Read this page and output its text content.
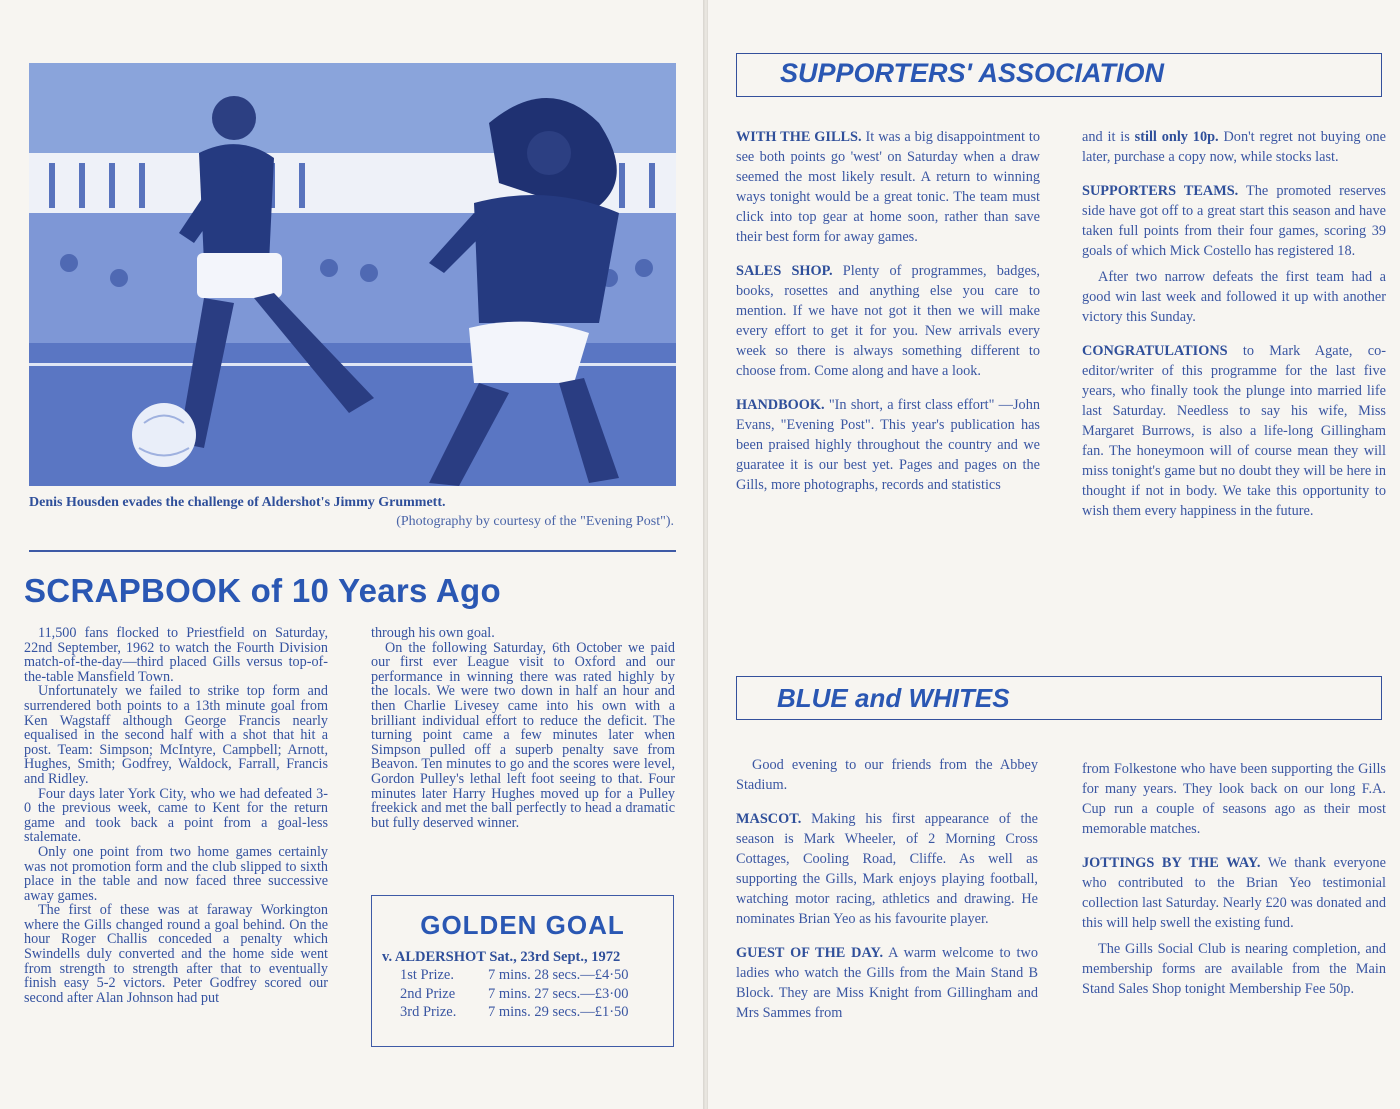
Denis Housden evades the challenge of Aldershot's Jimmy Grummett.
(Photography by courtesy of the "Evening Post").
SCRAPBOOK of 10 Years Ago

11,500 fans flocked to Priestfield on Saturday, 22nd September, 1962 to watch the Fourth Division match-of-the-day—third placed Gills versus top-of-the-table Mansfield Town.

Unfortunately we failed to strike top form and surrendered both points to a 13th minute goal from Ken Wagstaff although George Francis nearly equalised in the second half with a shot that hit a post. Team: Simpson; McIntyre, Campbell; Arnott, Hughes, Smith; Godfrey, Waldock, Farrall, Francis and Ridley.

Four days later York City, who we had defeated 3-0 the previous week, came to Kent for the return game and took back a point from a goal-less stalemate.

Only one point from two home games certainly was not promotion form and the club slipped to sixth place in the table and now faced three successive away games.

The first of these was at faraway Workington where the Gills changed round a goal behind. On the hour Roger Challis conceded a penalty which Swindells duly converted and the home side went from strength to strength after that to eventually finish easy 5-2 victors. Peter Godfrey scored our second after Alan Johnson had put

through his own goal.

On the following Saturday, 6th October we paid our first ever League visit to Oxford and our performance in winning there was rated highly by the locals. We were two down in half an hour and then Charlie Livesey came into his own with a brilliant individual effort to reduce the deficit. The turning point came a few minutes later when Simpson pulled off a superb penalty save from Beavon. Ten minutes to go and the scores were level, Gordon Pulley's lethal left foot seeing to that. Four minutes later Harry Hughes moved up for a Pulley freekick and met the ball perfectly to head a dramatic but fully deserved winner.

GOLDEN GOAL
v. ALDERSHOT Sat., 23rd Sept., 1972
1st Prize. 7 mins. 28 secs.—£4·50
2nd Prize 7 mins. 27 secs.—£3·00
3rd Prize. 7 mins. 29 secs.—£1·50
SUPPORTERS' ASSOCIATION

WITH THE GILLS. It was a big disappointment to see both points go 'west' on Saturday when a draw seemed the most likely result. A return to winning ways tonight would be a great tonic. The team must click into top gear at home soon, rather than save their best form for away games.

SALES SHOP. Plenty of programmes, badges, books, rosettes and anything else you care to mention. If we have not got it then we will make every effort to get it for you. New arrivals every week so there is always something different to choose from. Come along and have a look.

HANDBOOK. "In short, a first class effort" —John Evans, "Evening Post". This year's publication has been praised highly throughout the country and we guaratee it is our best yet. Pages and pages on the Gills, more photographs, records and statistics

and it is still only 10p. Don't regret not buying one later, purchase a copy now, while stocks last.

SUPPORTERS TEAMS. The promoted reserves side have got off to a great start this season and have taken full points from their four games, scoring 39 goals of which Mick Costello has registered 18.

After two narrow defeats the first team had a good win last week and followed it up with another victory this Sunday.

CONGRATULATIONS to Mark Agate, co-editor/writer of this programme for the last five years, who finally took the plunge into married life last Saturday. Needless to say his wife, Miss Margaret Burrows, is also a life-long Gillingham fan. The honeymoon will of course mean they will miss tonight's game but no doubt they will be here in thought if not in body. We take this opportunity to wish them every happiness in the future.

BLUE and WHITES

Good evening to our friends from the Abbey Stadium.

MASCOT. Making his first appearance of the season is Mark Wheeler, of 2 Morning Cross Cottages, Cooling Road, Cliffe. As well as supporting the Gills, Mark enjoys playing football, watching motor racing, athletics and drawing. He nominates Brian Yeo as his favourite player.

GUEST OF THE DAY. A warm welcome to two ladies who watch the Gills from the Main Stand B Block. They are Miss Knight from Gillingham and Mrs Sammes from

from Folkestone who have been supporting the Gills for many years. They look back on our long F.A. Cup run a couple of seasons ago as their most memorable matches.

JOTTINGS BY THE WAY. We thank everyone who contributed to the Brian Yeo testimonial collection last Saturday. Nearly £20 was donated and this will help swell the existing fund.

The Gills Social Club is nearing completion, and membership forms are available from the Main Stand Sales Shop tonight Membership Fee 50p.
